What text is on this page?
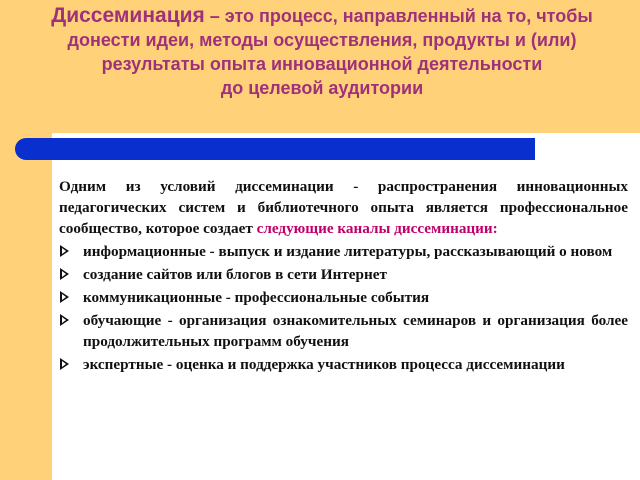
Диссеминация – это процесс, направленный на то, чтобы
донести идеи, методы осуществления, продукты и (или)
результаты опыта инновационной деятельности
до целевой аудитории

Одним из условий диссеминации - распространения инновационных педагогических систем и библиотечного опыта является профессиональное сообщество, которое создает следующие каналы диссеминации:

информационные - выпуск и издание литературы, рассказывающий о новом
создание сайтов или блогов в сети Интернет
коммуникационные - профессиональные события
обучающие - организация ознакомительных семинаров и организация более продолжительных программ обучения
экспертные - оценка и поддержка участников процесса диссеминации
